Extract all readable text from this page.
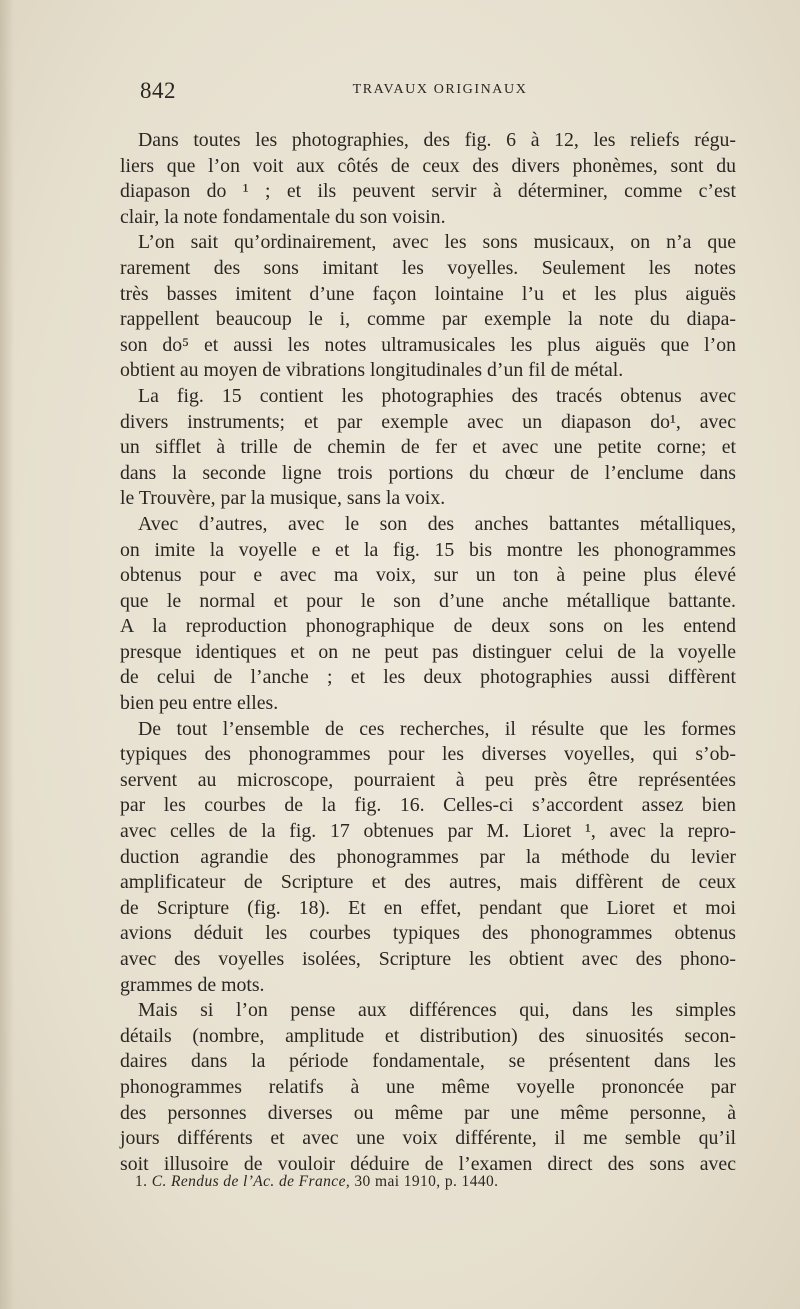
842	TRAVAUX ORIGINAUX
Dans toutes les photographies, des fig. 6 à 12, les reliefs régu-
liers que l’on voit aux côtés de ceux des divers phonèmes, sont du
diapason do ¹ ; et ils peuvent servir à déterminer, comme c’est
clair, la note fondamentale du son voisin.
L’on sait qu’ordinairement, avec les sons musicaux, on n’a que
rarement des sons imitant les voyelles. Seulement les notes
très basses imitent d’une façon lointaine l’u et les plus aiguës
rappellent beaucoup le i, comme par exemple la note du diapa-
son do⁵ et aussi les notes ultramusicales les plus aiguës que l’on
obtient au moyen de vibrations longitudinales d’un fil de métal.
La fig. 15 contient les photographies des tracés obtenus avec
divers instruments; et par exemple avec un diapason do¹, avec
un sifflet à trille de chemin de fer et avec une petite corne; et
dans la seconde ligne trois portions du chœur de l’enclume dans
le Trouvère, par la musique, sans la voix.
Avec d’autres, avec le son des anches battantes métalliques,
on imite la voyelle e et la fig. 15 bis montre les phonogrammes
obtenus pour e avec ma voix, sur un ton à peine plus élevé
que le normal et pour le son d’une anche métallique battante.
A la reproduction phonographique de deux sons on les entend
presque identiques et on ne peut pas distinguer celui de la voyelle
de celui de l’anche ; et les deux photographies aussi diffèrent
bien peu entre elles.
De tout l’ensemble de ces recherches, il résulte que les formes
typiques des phonogrammes pour les diverses voyelles, qui s’ob-
servent au microscope, pourraient à peu près être représentées
par les courbes de la fig. 16. Celles-ci s’accordent assez bien
avec celles de la fig. 17 obtenues par M. Lioret ¹, avec la repro-
duction agrandie des phonogrammes par la méthode du levier
amplificateur de Scripture et des autres, mais diffèrent de ceux
de Scripture (fig. 18). Et en effet, pendant que Lioret et moi
avions déduit les courbes typiques des phonogrammes obtenus
avec des voyelles isolées, Scripture les obtient avec des phono-
grammes de mots.
Mais si l’on pense aux différences qui, dans les simples
détails (nombre, amplitude et distribution) des sinuosités secon-
daires dans la période fondamentale, se présentent dans les
phonogrammes relatifs à une même voyelle prononcée par
des personnes diverses ou même par une même personne, à
jours différents et avec une voix différente, il me semble qu’il
soit illusoire de vouloir déduire de l’examen direct des sons avec
1. C. Rendus de l’Ac. de France, 30 mai 1910, p. 1440.
